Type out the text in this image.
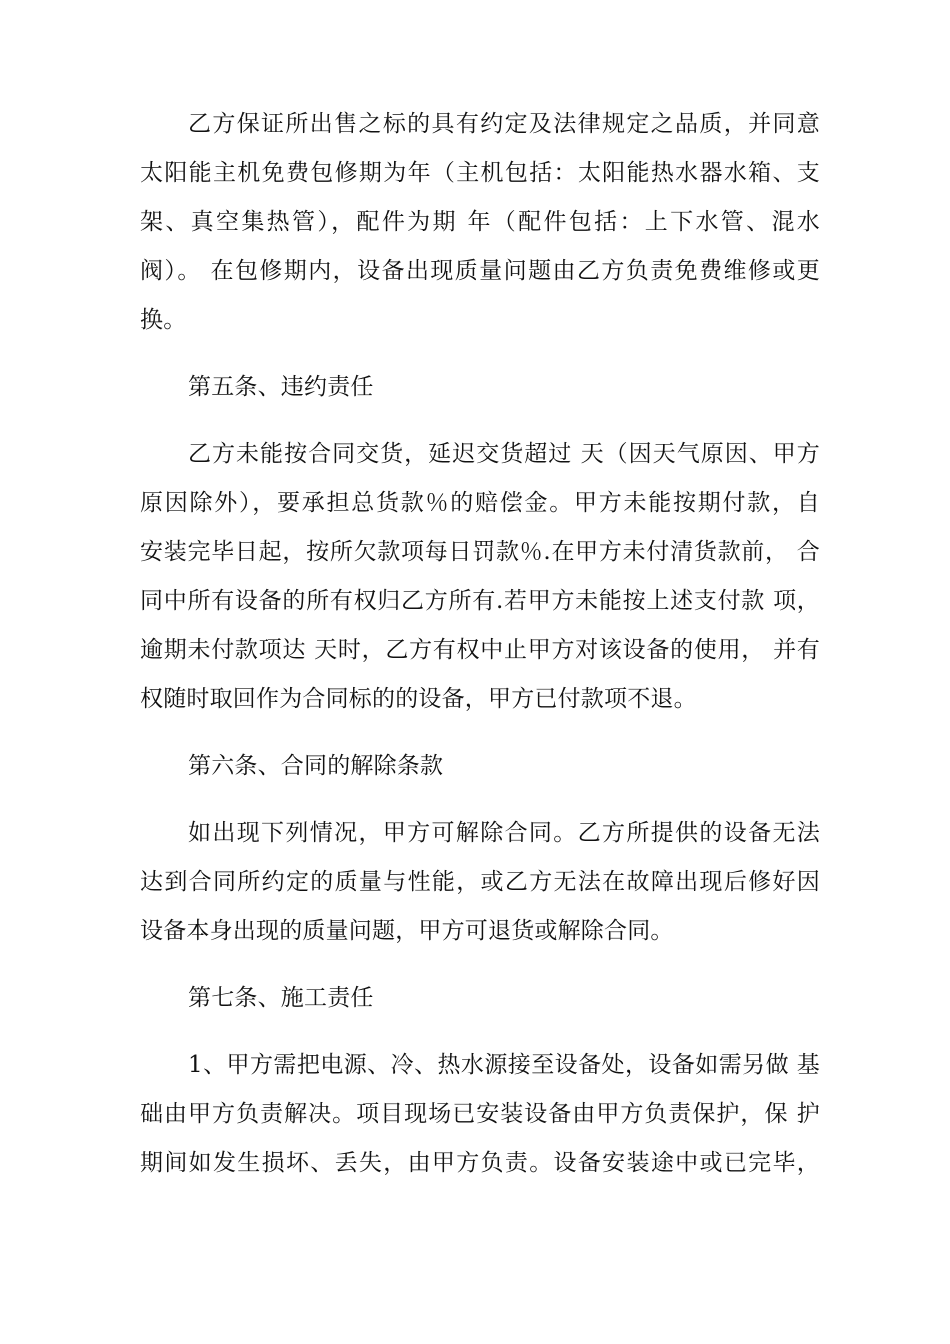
乙方保证所出售之标的具有约定及法律规定之品质，并同意
太阳能主机免费包修期为年（主机包括：太阳能热水器水箱、支
架、真空集热管），配件为期 年（配件包括：上下水管、混水
阀）。 在包修期内，设备出现质量问题由乙方负责免费维修或更
换。
第五条、违约责任
乙方未能按合同交货，延迟交货超过 天（因天气原因、甲方
原因除外），要承担总货款％的赔偿金。甲方未能按期付款，自
安装完毕日起，按所欠款项每日罚款％.在甲方未付清货款前， 合
同中所有设备的所有权归乙方所有.若甲方未能按上述支付款 项，
逾期未付款项达 天时，乙方有权中止甲方对该设备的使用， 并有
权随时取回作为合同标的的设备，甲方已付款项不退。
第六条、合同的解除条款
如出现下列情况，甲方可解除合同。乙方所提供的设备无法
达到合同所约定的质量与性能，或乙方无法在故障出现后修好因
设备本身出现的质量问题，甲方可退货或解除合同。
第七条、施工责任
1、甲方需把电源、冷、热水源接至设备处，设备如需另做 基
础由甲方负责解决。项目现场已安装设备由甲方负责保护，保 护
期间如发生损坏、丢失，由甲方负责。设备安装途中或已完毕，
